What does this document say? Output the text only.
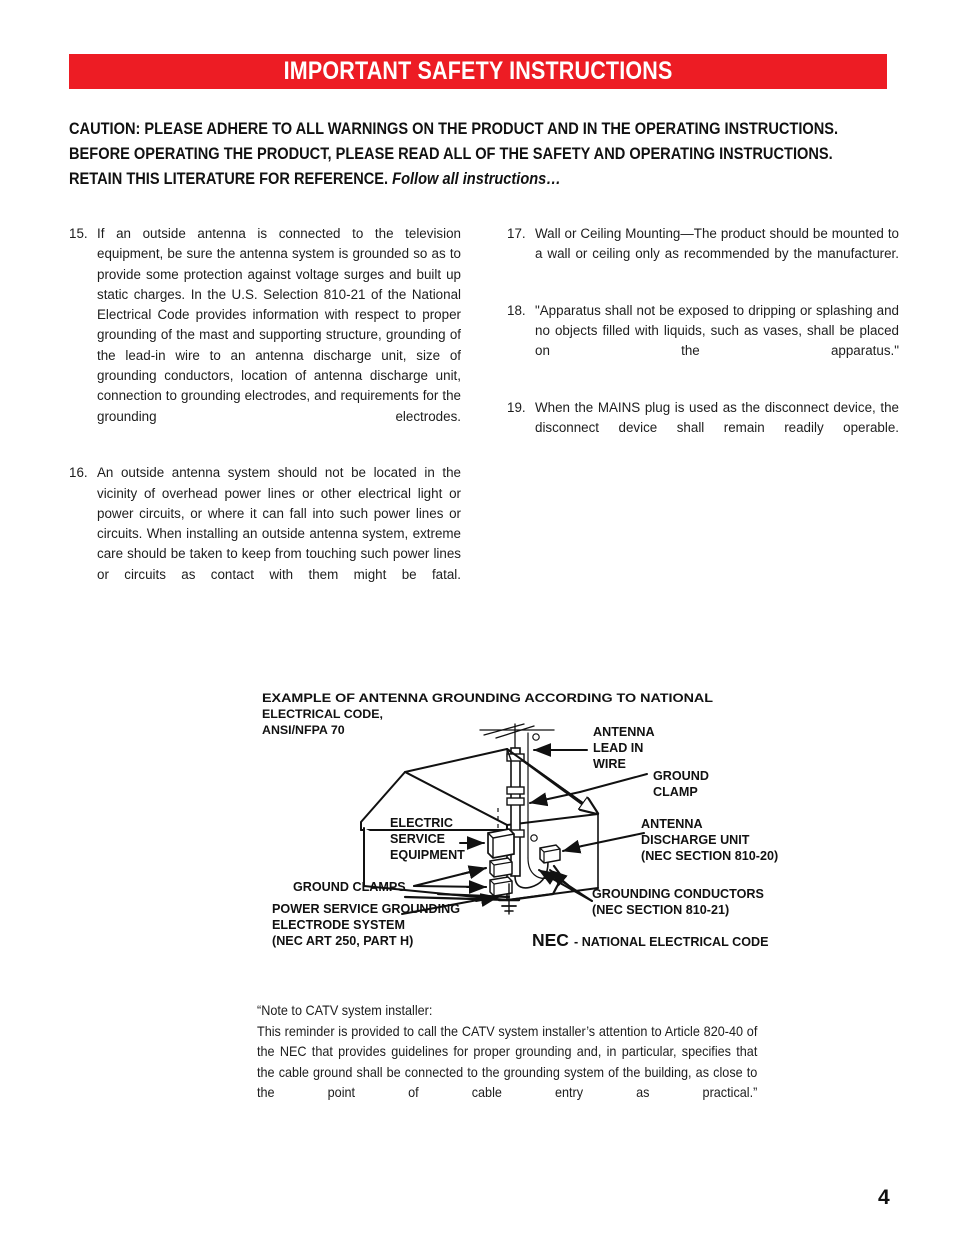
IMPORTANT SAFETY INSTRUCTIONS
CAUTION: PLEASE ADHERE TO ALL WARNINGS ON THE PRODUCT AND IN THE OPERATING INSTRUCTIONS.
BEFORE OPERATING THE PRODUCT, PLEASE READ ALL OF THE SAFETY AND OPERATING INSTRUCTIONS.
RETAIN THIS LITERATURE FOR REFERENCE. Follow all instructions…
15. If an outside antenna is connected to the television equipment, be sure the antenna system is grounded so as to provide some protection against voltage surges and built up static charges. In the U.S. Selection 810-21 of the National Electrical Code provides information with respect to proper grounding of the mast and supporting structure, grounding of the lead-in wire to an antenna discharge unit, size of grounding conductors, location of antenna discharge unit, connection to grounding electrodes, and requirements for the grounding electrodes.
16. An outside antenna system should not be located in the vicinity of overhead power lines or other electrical light or power circuits, or where it can fall into such power lines or circuits. When installing an outside antenna system, extreme care should be taken to keep from touching such power lines or circuits as contact with them might be fatal.
17. Wall or Ceiling Mounting—The product should be mounted to a wall or ceiling only as recommended by the manufacturer.
18. "Apparatus shall not be exposed to dripping or splashing and no objects filled with liquids, such as vases, shall be placed on the apparatus."
19. When the MAINS plug is used as the disconnect device, the disconnect device shall remain readily operable.
EXAMPLE OF ANTENNA GROUNDING ACCORDING TO NATIONAL
ELECTRICAL CODE,
ANSI/NFPA 70	ANTENNA
LEAD IN
WIRE
GROUND
CLAMP
ANTENNA
DISCHARGE UNIT
(NEC SECTION 810-20)
ELECTRIC
SERVICE
EQUIPMENT
GROUND CLAMPS
POWER SERVICE GROUNDING
ELECTRODE SYSTEM
(NEC ART 250, PART H)
GROUNDING CONDUCTORS
(NEC SECTION 810-21)
NEC - NATIONAL ELECTRICAL CODE
“Note to CATV system installer:
This reminder is provided to call the CATV system installer’s attention to Article 820-40 of the NEC that provides guidelines for proper grounding and, in particular, specifies that the cable ground shall be connected to the grounding system of the building, as close to the point of cable entry as practical.”
4
